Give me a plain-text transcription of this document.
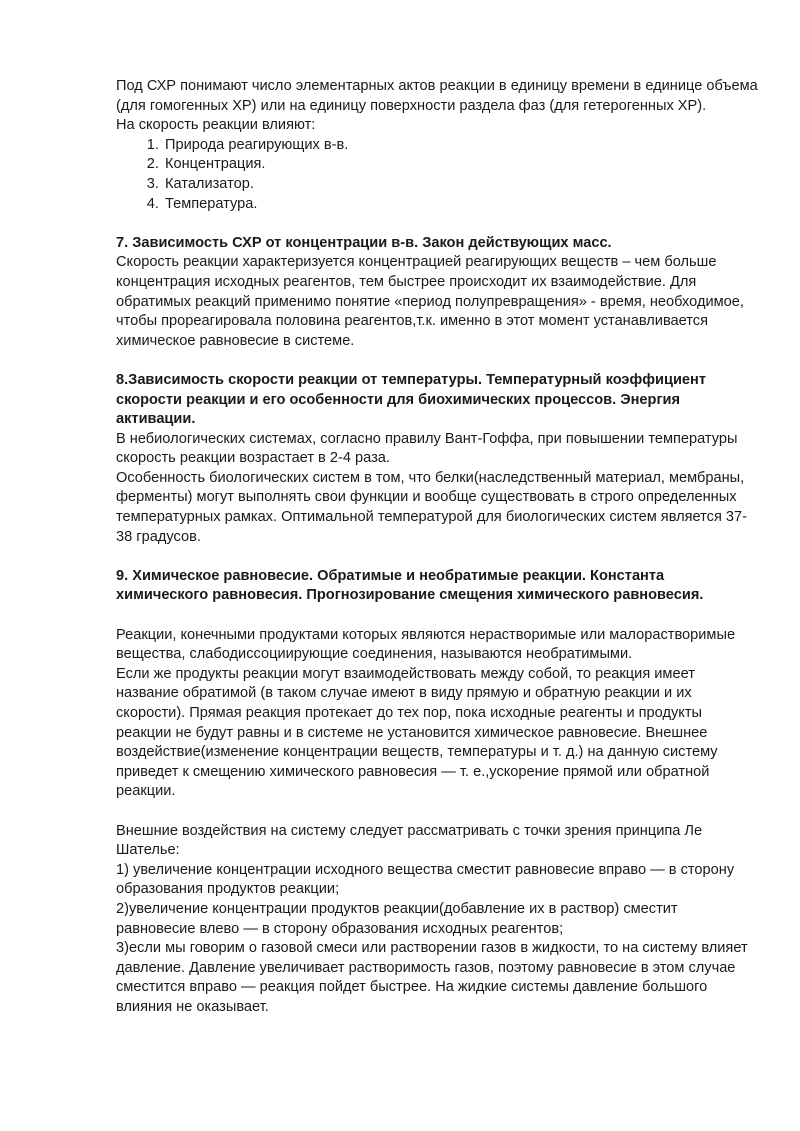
Под СХР понимают число элементарных актов реакции в единицу времени в единице объема (для гомогенных ХР) или на единицу поверхности раздела фаз (для гетерогенных ХР).

На скорость реакции влияют:

1. Природа реагирующих в-в.
2. Концентрация.
3. Катализатор.
4. Температура.

7. Зависимость СХР от концентрации в-в. Закон действующих масс.

Скорость реакции характеризуется концентрацией реагирующих веществ – чем больше концентрация исходных реагентов, тем быстрее происходит их взаимодействие. Для обратимых реакций применимо понятие «период полупревращения» - время, необходимое, чтобы прореагировала половина реагентов,т.к. именно в этот момент устанавливается химическое равновесие в системе.

8.Зависимость скорости реакции от температуры. Температурный коэффициент скорости реакции и его особенности для биохимических процессов. Энергия активации.

В небиологических системах, согласно правилу Вант-Гоффа, при повышении температуры скорость реакции возрастает в 2-4 раза.

Особенность биологических систем в том, что белки(наследственный материал, мембраны, ферменты) могут выполнять свои функции и вообще существовать в строго определенных температурных рамках. Оптимальной температурой для биологических систем является 37-38 градусов.

9. Химическое равновесие. Обратимые и необратимые реакции. Константа химического равновесия. Прогнозирование смещения химического равновесия.

Реакции, конечными продуктами которых являются нерастворимые или малорастворимые вещества, слабодиссоциирующие соединения, называются необратимыми.

Если же продукты реакции могут взаимодействовать между собой, то реакция имеет название обратимой (в таком случае имеют в виду прямую и обратную реакции и их скорости). Прямая реакция протекает до тех пор, пока исходные реагенты и продукты реакции не будут равны и в системе не установится химическое равновесие. Внешнее воздействие(изменение концентрации веществ, температуры и т. д.) на данную систему приведет к смещению химического равновесия — т. е.,ускорение прямой или обратной реакции.

Внешние воздействия на систему следует рассматривать с точки зрения принципа Ле Шателье:

1) увеличение концентрации исходного вещества сместит равновесие вправо — в сторону образования продуктов реакции;

2)увеличение концентрации продуктов реакции(добавление их в раствор) сместит равновесие влево — в сторону образования исходных реагентов;

3)если мы говорим о газовой смеси или растворении газов в жидкости, то на систему влияет давление. Давление увеличивает растворимость газов, поэтому равновесие в этом случае сместится вправо — реакция пойдет быстрее. На жидкие системы давление большого влияния не оказывает.
